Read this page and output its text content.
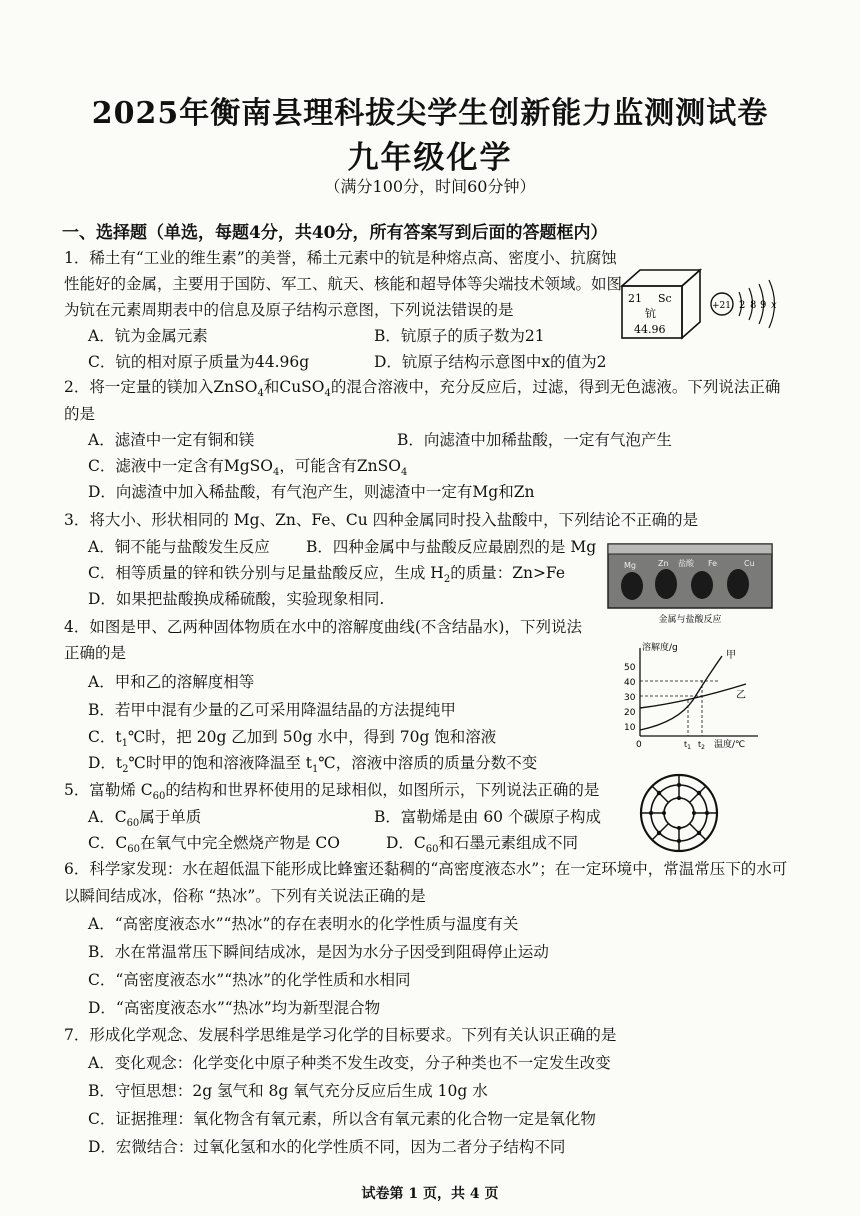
2025年衡南县理科拔尖学生创新能力监测测试卷
九年级化学
（满分100分，时间60分钟）
一、选择题（单选，每题4分，共40分，所有答案写到后面的答题框内）
1．稀土有“工业的维生素”的美誉，稀土元素中的钪是种熔点高、密度小、抗腐蚀
性能好的金属，主要用于国防、军工、航天、核能和超导体等尖端技术领域。如图
为钪在元素周期表中的信息及原子结构示意图，下列说法错误的是
A．钪为金属元素	B．钪原子的质子数为21
C．钪的相对原子质量为44.96g	D．钪原子结构示意图中x的值为2
21 Sc
钪
44.96
+21 2 8 9 x
2．将一定量的镁加入ZnSO$_4$和CuSO$_4$的混合溶液中，充分反应后，过滤，得到无色滤液。下列说法正确
的是
A．滤渣中一定有铜和镁	B．向滤渣中加稀盐酸，一定有气泡产生
C．滤液中一定含有MgSO$_4$，可能含有ZnSO$_4$
D．向滤渣中加入稀盐酸，有气泡产生，则滤渣中一定有Mg和Zn
3．将大小、形状相同的 Mg、Zn、Fe、Cu 四种金属同时投入盐酸中，下列结论不正确的是
A．铜不能与盐酸发生反应 B．四种金属中与盐酸反应最剧烈的是 Mg
C．相等质量的锌和铁分别与足量盐酸反应，生成 $H_2$的质量：Zn>Fe
D．如果把盐酸换成稀硫酸，实验现象相同.
Mg	Zn 盐酸 Fe	Cu
金属与盐酸反应
4．如图是甲、乙两种固体物质在水中的溶解度曲线(不含结晶水)，下列说法
正确的是
A．甲和乙的溶解度相等
B．若甲中混有少量的乙可采用降温结晶的方法提纯甲
C．$t_1℃$时，把 20g 乙加到 50g 水中，得到 70g 饱和溶液
D．$t_2℃$时甲的饱和溶液降温至 $t_1℃$，溶液中溶质的质量分数不变
溶解度/g
50
40
30
20
10
0
甲
乙
$t_1$ $t_2$ 温度/℃
5．富勒烯 $C_{60}$的结构和世界杯使用的足球相似，如图所示，下列说法正确的是
A．$C_{60}$属于单质	B．富勒烯是由 60 个碳原子构成
C．$C_{60}$在氧气中完全燃烧产物是 CO	D．$C_{60}$和石墨元素组成不同
6．科学家发现：水在超低温下能形成比蜂蜜还黏稠的“高密度液态水”；在一定环境中，常温常压下的水可
以瞬间结成冰，俗称 “热冰”。下列有关说法正确的是
A．“高密度液态水”“热冰”的存在表明水的化学性质与温度有关
B．水在常温常压下瞬间结成冰，是因为水分子因受到阻碍停止运动
C．“高密度液态水”“热冰”的化学性质和水相同
D．“高密度液态水”“热冰”均为新型混合物
7．形成化学观念、发展科学思维是学习化学的目标要求。下列有关认识正确的是
A．变化观念：化学变化中原子种类不发生改变，分子种类也不一定发生改变
B．守恒思想：2g 氢气和 8g 氧气充分反应后生成 10g 水
C．证据推理：氧化物含有氧元素，所以含有氧元素的化合物一定是氧化物
D．宏微结合：过氧化氢和水的化学性质不同，因为二者分子结构不同
试卷第 1 页，共 4 页
